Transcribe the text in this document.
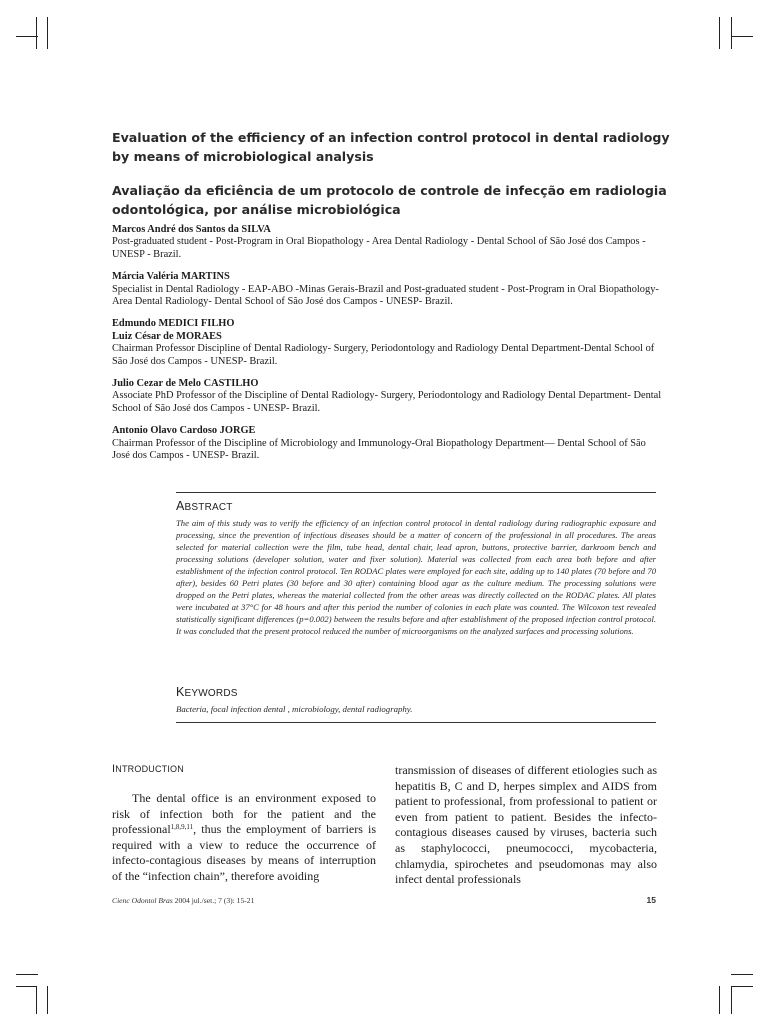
Evaluation of the efficiency of an infection control protocol in dental radiology by means of microbiological analysis
Avaliação da eficiência de um protocolo de controle de infecção em radiologia odontológica, por análise microbiológica
Marcos André dos Santos da SILVA
Post-graduated student - Post-Program in Oral Biopathology - Area Dental Radiology - Dental School of São José dos Campos - UNESP - Brazil.
Márcia Valéria MARTINS
Specialist in Dental Radiology - EAP-ABO -Minas Gerais-Brazil and Post-graduated student - Post-Program in Oral Biopathology- Area Dental Radiology- Dental School of São José dos Campos - UNESP- Brazil.
Edmundo MEDICI FILHO
Luiz César de MORAES
Chairman Professor Discipline of Dental Radiology- Surgery, Periodontology and Radiology Dental Department-Dental School of São José dos Campos - UNESP- Brazil.
Julio Cezar de Melo CASTILHO
Associate PhD Professor of the Discipline of Dental Radiology- Surgery, Periodontology and Radiology Dental Department- Dental School of São José dos Campos - UNESP- Brazil.
Antonio Olavo Cardoso JORGE
Chairman Professor of the Discipline of Microbiology and Immunology-Oral Biopathology Department— Dental School of São José dos Campos - UNESP- Brazil.
ABSTRACT
The aim of this study was to verify the efficiency of an infection control protocol in dental radiology during radiographic exposure and processing, since the prevention of infectious diseases should be a matter of concern of the professional in all procedures. The areas selected for material collection were the film, tube head, dental chair, lead apron, buttons, protective barrier, darkroom bench and processing solutions (developer solution, water and fixer solution). Material was collected from each area both before and after establishment of the infection control protocol. Ten RODAC plates were employed for each site, adding up to 140 plates (70 before and 70 after), besides 60 Petri plates (30 before and 30 after) containing blood agar as the culture medium. The processing solutions were dropped on the Petri plates, whereas the material collected from the other areas was directly collected on the RODAC plates. All plates were incubated at 37°C for 48 hours and after this period the number of colonies in each plate was counted. The Wilcoxon test revealed statistically significant differences (p=0.002) between the results before and after establishment of the proposed infection control protocol. It was concluded that the present protocol reduced the number of microorganisms on the analyzed surfaces and processing solutions.
KEYWORDS
Bacteria, focal infection dental , microbiology, dental radiography.
INTRODUCTION
The dental office is an environment exposed to risk of infection both for the patient and the professional$^{1,8,9,11}$, thus the employment of barriers is required with a view to reduce the occurrence of infecto-contagious diseases by means of interruption of the “infection chain”, therefore avoiding
transmission of diseases of different etiologies such as hepatitis B, C and D, herpes simplex and AIDS from patient to professional, from professional to patient or even from patient to patient. Besides the infecto-contagious diseases caused by viruses, bacteria such as staphylococci, pneumococci, mycobacteria, chlamydia, spirochetes and pseudomonas may also infect dental professionals
Cienc Odontol Bras 2004 jul./set.; 7 (3): 15-21	15
